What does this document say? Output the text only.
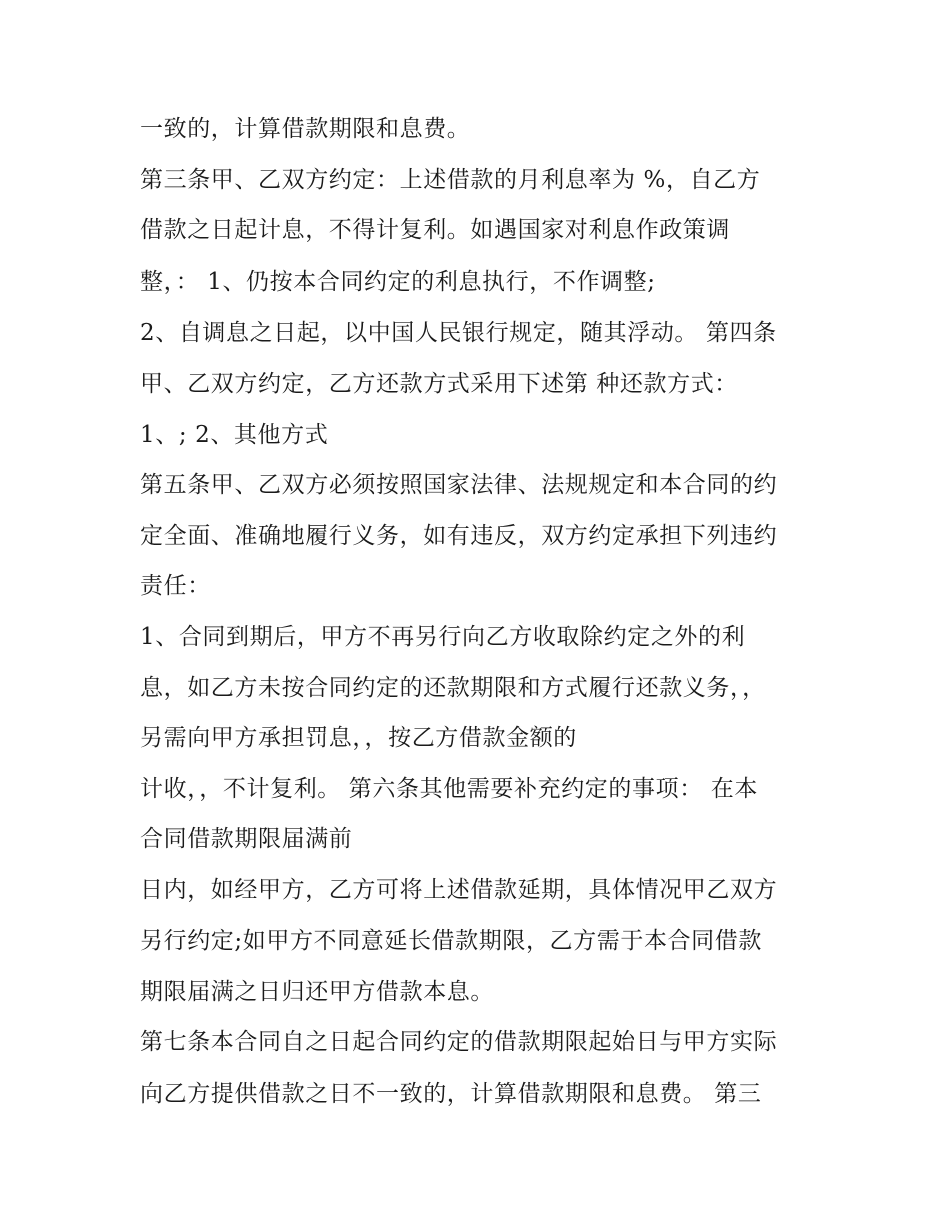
一致的，计算借款期限和息费。
第三条甲、乙双方约定：上述借款的月利息率为 %，自乙方
借款之日起计息，不得计复利。如遇国家对利息作政策调
整，： 1、仍按本合同约定的利息执行，不作调整;
2、自调息之日起，以中国人民银行规定，随其浮动。 第四条
甲、乙双方约定，乙方还款方式采用下述第 种还款方式：
1、; 2、其他方式
第五条甲、乙双方必须按照国家法律、法规规定和本合同的约
定全面、准确地履行义务，如有违反，双方约定承担下列违约
责任：
1、合同到期后，甲方不再另行向乙方收取除约定之外的利
息，如乙方未按合同约定的还款期限和方式履行还款义务，，
另需向甲方承担罚息，，按乙方借款金额的
计收，，不计复利。 第六条其他需要补充约定的事项： 在本
合同借款期限届满前
日内，如经甲方，乙方可将上述借款延期，具体情况甲乙双方
另行约定;如甲方不同意延长借款期限，乙方需于本合同借款
期限届满之日归还甲方借款本息。
第七条本合同自之日起合同约定的借款期限起始日与甲方实际
向乙方提供借款之日不一致的，计算借款期限和息费。 第三
